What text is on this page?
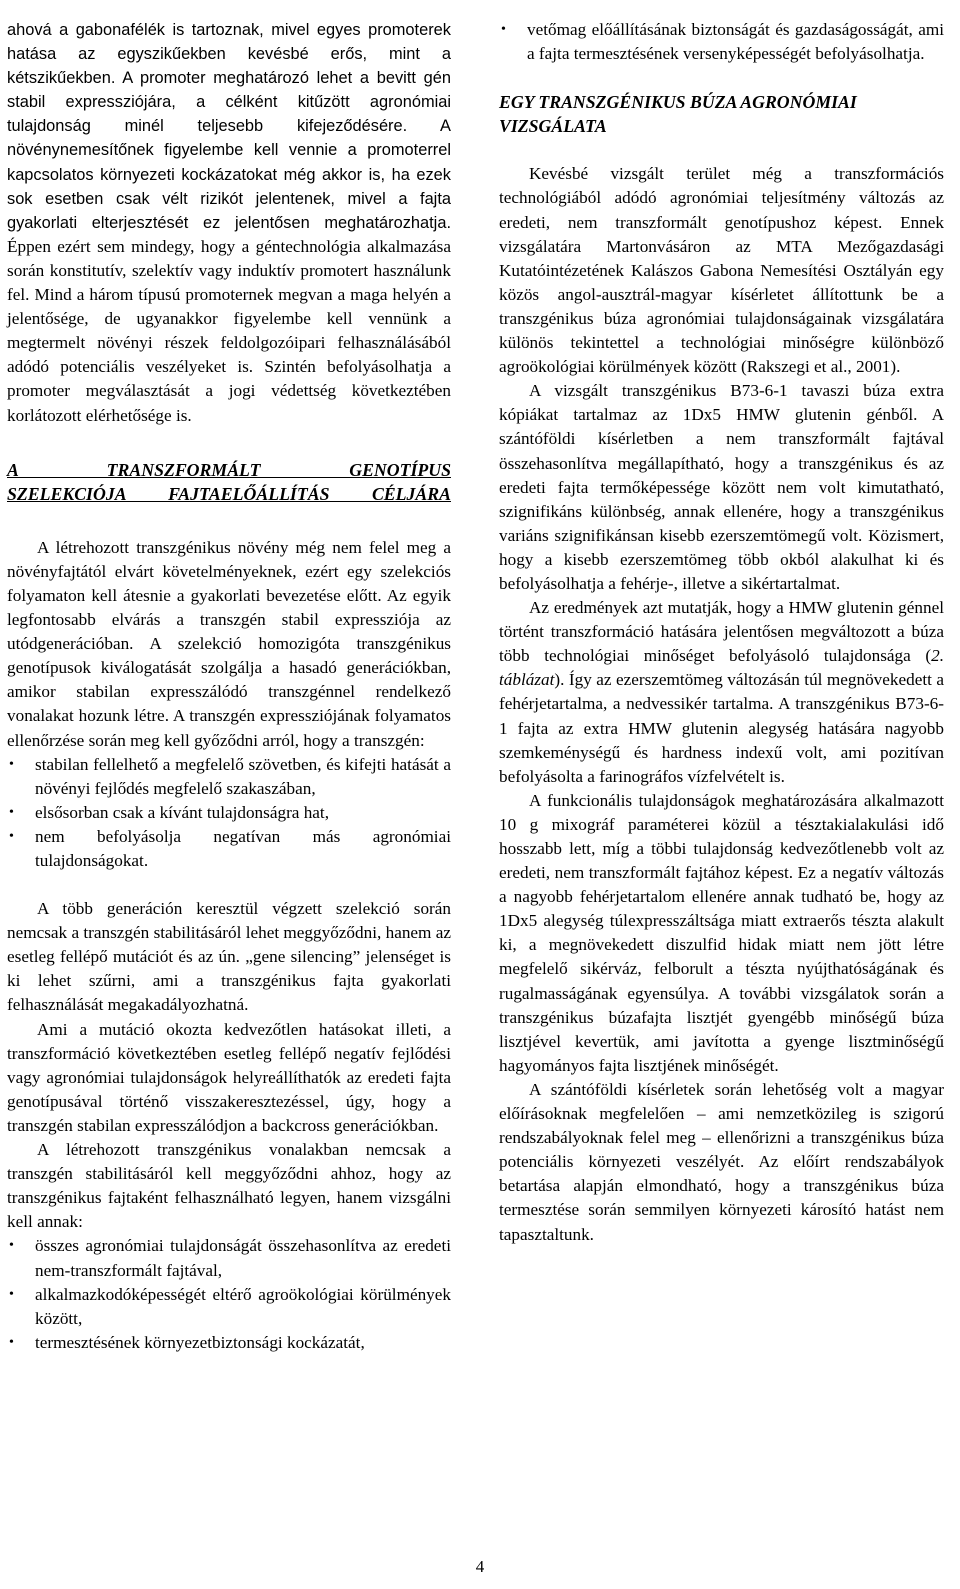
ahová a gabonafélék is tartoznak, mivel egyes promoterek hatása az egyszikűekben kevésbé erős, mint a kétszikűekben. A promoter meghatározó lehet a bevitt gén stabil expressziójára, a célként kitűzött agronómiai tulajdonság minél teljesebb kifejeződésére. A növénynemesítőnek figyelembe kell vennie a promoterrel kapcsolatos környezeti kockázatokat még akkor is, ha ezek sok esetben csak vélt rizikót jelentenek, mivel a fajta gyakorlati elterjesztését ez jelentősen meghatározhatja. Éppen ezért sem mindegy, hogy a géntechnológia alkalmazása során konstitutív, szelektív vagy induktív promotert használunk fel. Mind a három típusú promoternek megvan a maga helyén a jelentősége, de ugyanakkor figyelembe kell vennünk a megtermelt növényi részek feldolgozóipari felhasználásából adódó potenciális veszélyeket is. Szintén befolyásolhatja a promoter megválasztását a jogi védettség következtében korlátozott elérhetősége is.

A TRANSZFORMÁLT GENOTÍPUS
SZELEKCIÓJA FAJTAELŐÁLLÍTÁS CÉLJÁRA

A létrehozott transzgénikus növény még nem felel meg a növényfajtától elvárt követelményeknek, ezért egy szelekciós folyamaton kell átesnie a gyakorlati bevezetése előtt. Az egyik legfontosabb elvárás a transzgén stabil expressziója az utódgenerációban. A szelekció homozigóta transzgénikus genotípusok kiválogatását szolgálja a hasadó generációkban, amikor stabilan expresszálódó transzgénnel rendelkező vonalakat hozunk létre. A transzgén expressziójának folyamatos ellenőrzése során meg kell győződni arról, hogy a transzgén:

• stabilan fellelhető a megfelelő szövetben, és kifejti hatását a növényi fejlődés megfelelő szakaszában,
• elsősorban csak a kívánt tulajdonságra hat,
• nem befolyásolja negatívan más agronómiai tulajdonságokat.

A több generáción keresztül végzett szelekció során nemcsak a transzgén stabilitásáról lehet meggyőződni, hanem az esetleg fellépő mutációt és az ún. „gene silencing” jelenséget is ki lehet szűrni, ami a transzgénikus fajta gyakorlati felhasználását megakadályozhatná.

Ami a mutáció okozta kedvezőtlen hatásokat illeti, a transzformáció következtében esetleg fellépő negatív fejlődési vagy agronómiai tulajdonságok helyreállíthatók az eredeti fajta genotípusával történő visszakeresztezéssel, úgy, hogy a transzgén stabilan expresszálódjon a backcross generációkban.

A létrehozott transzgénikus vonalakban nemcsak a transzgén stabilitásáról kell meggyőződni ahhoz, hogy az transzgénikus fajtaként felhasználható legyen, hanem vizsgálni kell annak:

• összes agronómiai tulajdonságát összehasonlítva az eredeti nem-transzformált fajtával,
• alkalmazkodóképességét eltérő agroökológiai körülmények között,
• termesztésének környezetbiztonsági kockázatát,
• vetőmag előállításának biztonságát és gazdaságosságát, ami a fajta termesztésének versenyképességét befolyásolhatja.
EGY TRANSZGÉNIKUS BÚZA AGRONÓMIAI
VIZSGÁLATA

Kevésbé vizsgált terület még a transzformációs technológiából adódó agronómiai teljesítmény változás az eredeti, nem transzformált genotípushoz képest. Ennek vizsgálatára Martonvásáron az MTA Mezőgazdasági Kutatóintézetének Kalászos Gabona Nemesítési Osztályán egy közös angol-ausztrál-magyar kísérletet állítottunk be a transzgénikus búza agronómiai tulajdonságainak vizsgálatára különös tekintettel a technológiai minőségre különböző agroökológiai körülmények között (Rakszegi et al., 2001).

A vizsgált transzgénikus B73-6-1 tavaszi búza extra kópiákat tartalmaz az 1Dx5 HMW glutenin génből. A szántóföldi kísérletben a nem transzformált fajtával összehasonlítva megállapítható, hogy a transzgénikus és az eredeti fajta termőképessége között nem volt kimutatható, szignifikáns különbség, annak ellenére, hogy a transzgénikus variáns szignifikánsan kisebb ezerszemtömegű volt. Közismert, hogy a kisebb ezerszemtömeg több okból alakulhat ki és befolyásolhatja a fehérje-, illetve a sikértartalmat.

Az eredmények azt mutatják, hogy a HMW glutenin génnel történt transzformáció hatására jelentősen megváltozott a búza több technológiai minőséget befolyásoló tulajdonsága (2. táblázat). Így az ezerszemtömeg változásán túl megnövekedett a fehérjetartalma, a nedvessikér tartalma. A transzgénikus B73-6-1 fajta az extra HMW glutenin alegység hatására nagyobb szemkeménységű és hardness indexű volt, ami pozitívan befolyásolta a farinográfos vízfelvételt is.

A funkcionális tulajdonságok meghatározására alkalmazott 10 g mixográf paraméterei közül a tésztakialakulási idő hosszabb lett, míg a többi tulajdonság kedvezőtlenebb volt az eredeti, nem transzformált fajtához képest. Ez a negatív változás a nagyobb fehérjetartalom ellenére annak tudható be, hogy az 1Dx5 alegység túlexpresszáltsága miatt extraerős tészta alakult ki, a megnövekedett diszulfid hidak miatt nem jött létre megfelelő sikérváz, felborult a tészta nyújthatóságának és rugalmasságának egyensúlya. A további vizsgálatok során a transzgénikus búzafajta lisztjét gyengébb minőségű búza lisztjével kevertük, ami javította a gyenge lisztminőségű hagyományos fajta lisztjének minőségét.

A szántóföldi kísérletek során lehetőség volt a magyar előírásoknak megfelelően – ami nemzetközileg is szigorú rendszabályoknak felel meg – ellenőrizni a transzgénikus búza potenciális környezeti veszélyét. Az előírt rendszabályok betartása alapján elmondható, hogy a transzgénikus búza termesztése során semmilyen környezeti károsító hatást nem tapasztaltunk.

4
